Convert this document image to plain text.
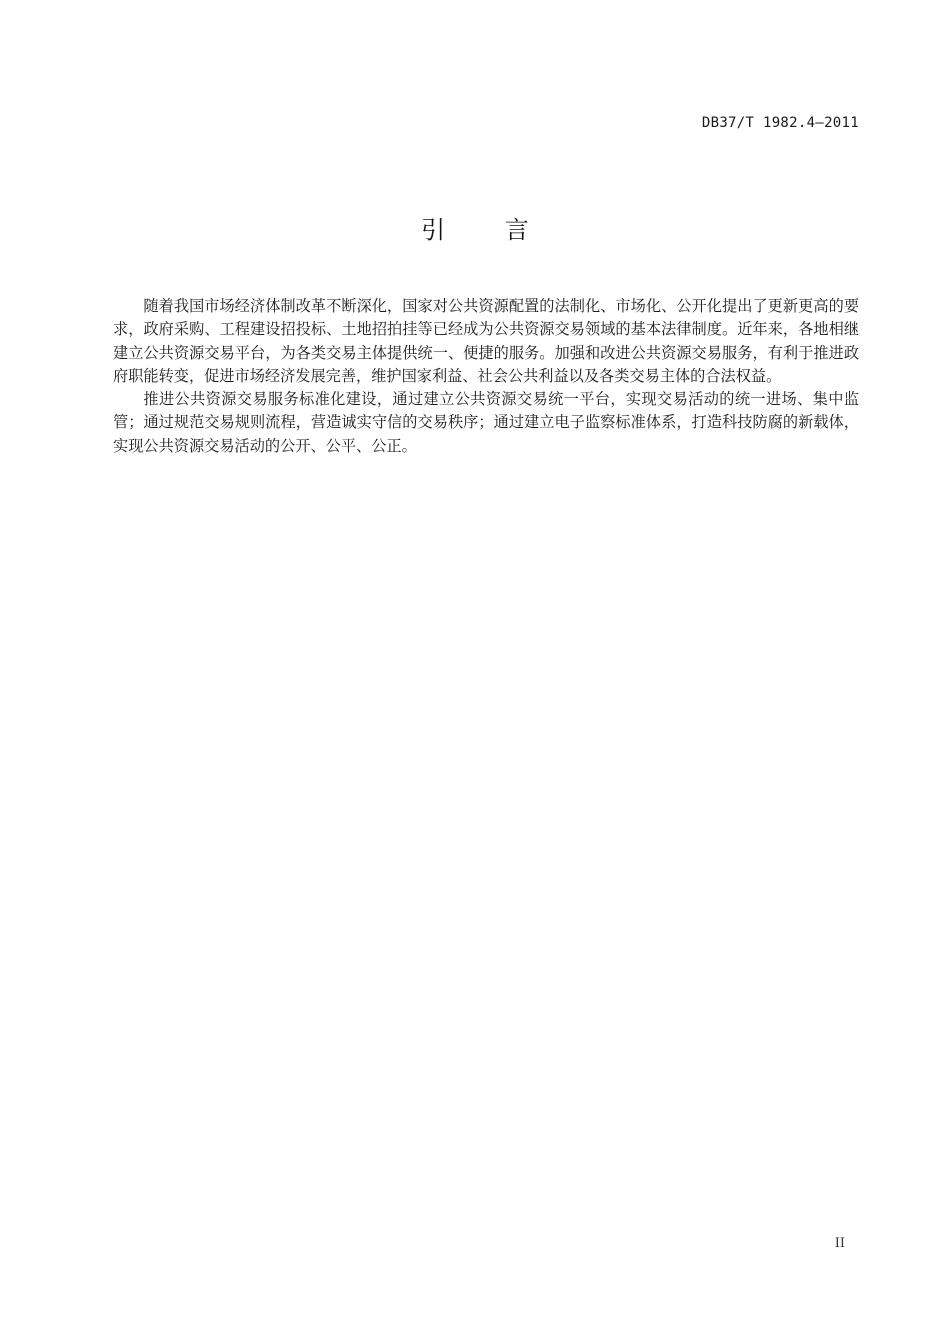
DB37/T 1982.4—2011
引 言

随着我国市场经济体制改革不断深化，国家对公共资源配置的法制化、市场化、公开化提出了更新更高的要求，政府采购、工程建设招投标、土地招拍挂等已经成为公共资源交易领域的基本法律制度。近年来，各地相继建立公共资源交易平台，为各类交易主体提供统一、便捷的服务。加强和改进公共资源交易服务，有利于推进政府职能转变，促进市场经济发展完善，维护国家利益、社会公共利益以及各类交易主体的合法权益。

推进公共资源交易服务标准化建设，通过建立公共资源交易统一平台，实现交易活动的统一进场、集中监管；通过规范交易规则流程，营造诚实守信的交易秩序；通过建立电子监察标准体系，打造科技防腐的新载体，实现公共资源交易活动的公开、公平、公正。

II
